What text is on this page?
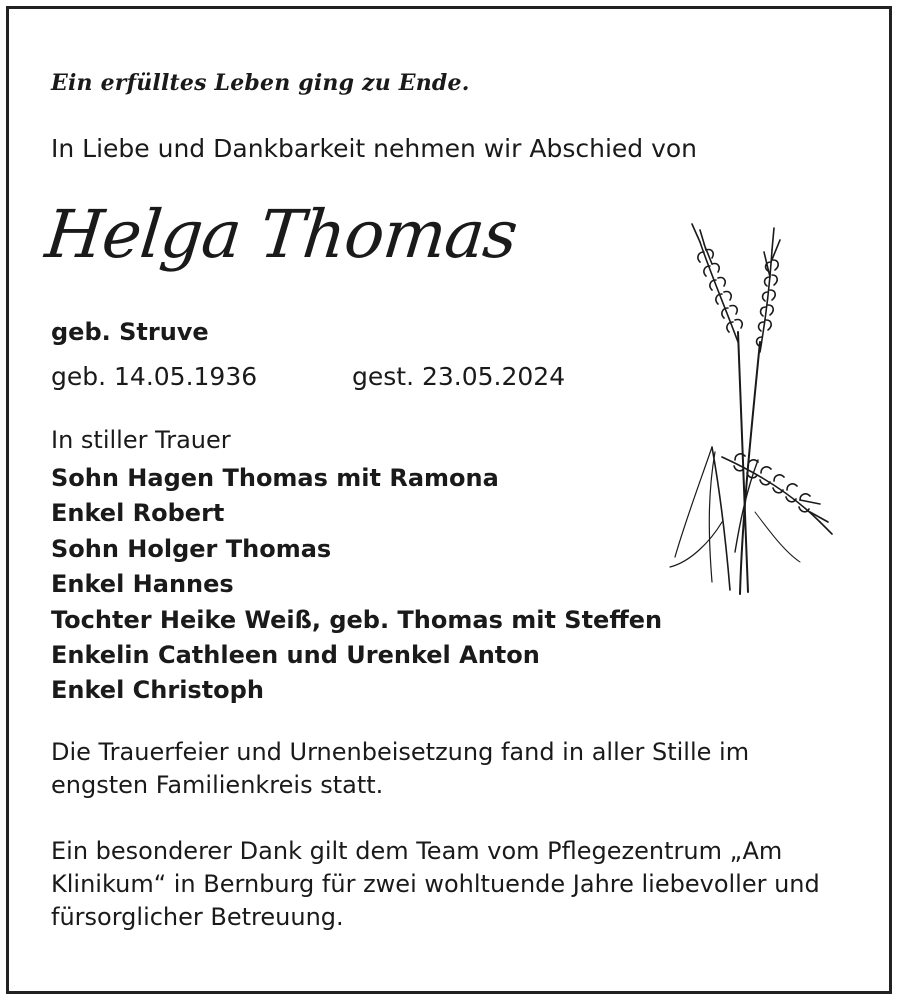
Ein erfülltes Leben ging zu Ende.
In Liebe und Dankbarkeit nehmen wir Abschied von
Helga Thomas
geb. Struve
geb. 14.05.1936	gest. 23.05.2024
In stiller Trauer
Sohn Hagen Thomas mit Ramona
Enkel Robert
Sohn Holger Thomas
Enkel Hannes
Tochter Heike Weiß, geb. Thomas mit Steffen
Enkelin Cathleen und Urenkel Anton
Enkel Christoph

Die Trauerfeier und Urnenbeisetzung fand in aller Stille im engsten Familienkreis statt.

Ein besonderer Dank gilt dem Team vom Pflegezentrum „Am Klinikum“ in Bernburg für zwei wohltuende Jahre liebevoller und fürsorglicher Betreuung.
